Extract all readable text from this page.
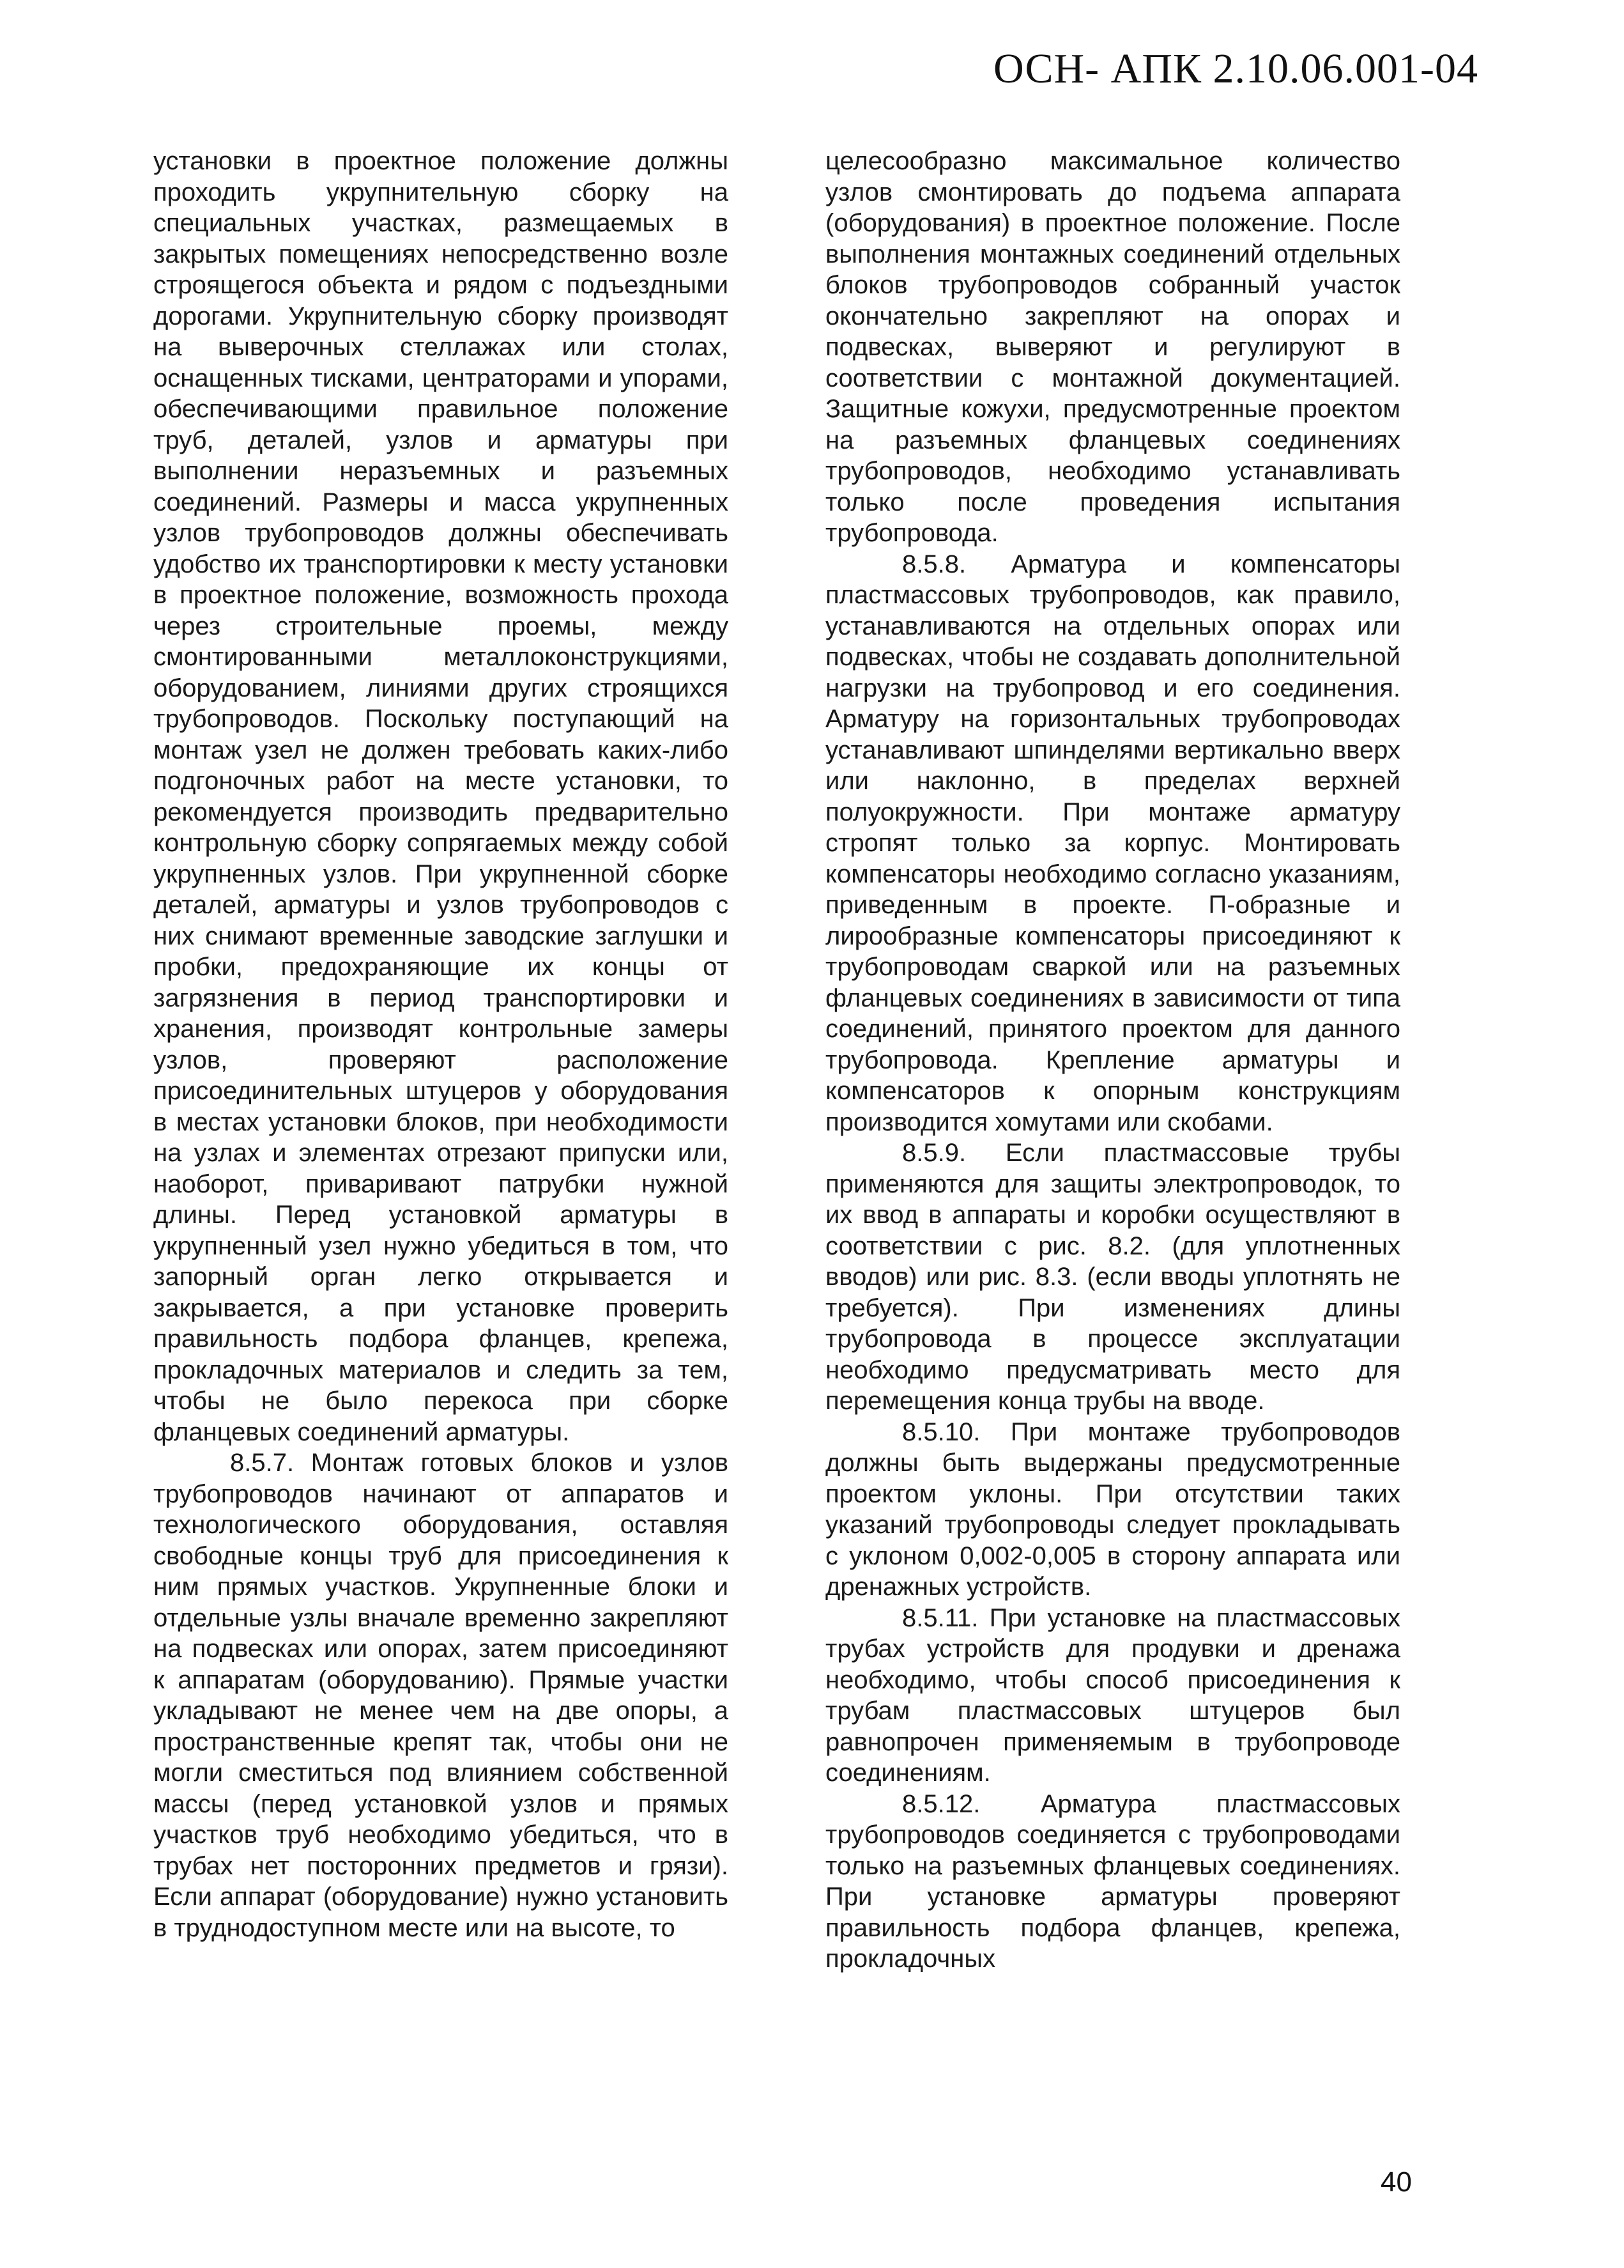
ОСН- АПК 2.10.06.001-04

установки в проектное положение должны проходить укрупнительную сборку на специальных участках, размещаемых в закрытых помещениях непосредственно возле строящегося объекта и рядом с подъездными дорогами. Укрупнительную сборку производят на выверочных стеллажах или столах, оснащенных тисками, центраторами и упорами, обеспечивающими правильное положение труб, деталей, узлов и арматуры при выполнении неразъемных и разъемных соединений. Размеры и масса укрупненных узлов трубопроводов должны обеспечивать удобство их транспортировки к месту установки в проектное положение, возможность прохода через строительные проемы, между смонтированными металлоконструкциями, оборудованием, линиями других строящихся трубопроводов. Поскольку поступающий на монтаж узел не должен требовать каких-либо подгоночных работ на месте установки, то рекомендуется производить предварительно контрольную сборку сопрягаемых между собой укрупненных узлов. При укрупненной сборке деталей, арматуры и узлов трубопроводов с них снимают временные заводские заглушки и пробки, предохраняющие их концы от загрязнения в период транспортировки и хранения, производят контрольные замеры узлов, проверяют расположение присоединительных штуцеров у оборудования в местах установки блоков, при необходимости на узлах и элементах отрезают припуски или, наоборот, приваривают патрубки нужной длины. Перед установкой арматуры в укрупненный узел нужно убедиться в том, что запорный орган легко открывается и закрывается, а при установке проверить правильность подбора фланцев, крепежа, прокладочных материалов и следить за тем, чтобы не было перекоса при сборке фланцевых соединений арматуры.

8.5.7. Монтаж готовых блоков и узлов трубопроводов начинают от аппаратов и технологического оборудования, оставляя свободные концы труб для присоединения к ним прямых участков. Укрупненные блоки и отдельные узлы вначале временно закрепляют на подвесках или опорах, затем присоединяют к аппаратам (оборудованию). Прямые участки укладывают не менее чем на две опоры, а пространственные крепят так, чтобы они не могли сместиться под влиянием собственной массы (перед установкой узлов и прямых участков труб необходимо убедиться, что в трубах нет посторонних предметов и грязи). Если аппарат (оборудование) нужно установить в труднодоступном месте или на высоте, то

целесообразно максимальное количество узлов смонтировать до подъема аппарата (оборудования) в проектное положение. После выполнения монтажных соединений отдельных блоков трубопроводов собранный участок окончательно закрепляют на опорах и подвесках, выверяют и регулируют в соответствии с монтажной документацией. Защитные кожухи, предусмотренные проектом на разъемных фланцевых соединениях трубопроводов, необходимо устанавливать только после проведения испытания трубопровода.

8.5.8. Арматура и компенсаторы пластмассовых трубопроводов, как правило, устанавливаются на отдельных опорах или подвесках, чтобы не создавать дополнительной нагрузки на трубопровод и его соединения. Арматуру на горизонтальных трубопроводах устанавливают шпинделями вертикально вверх или наклонно, в пределах верхней полуокружности. При монтаже арматуру стропят только за корпус. Монтировать компенсаторы необходимо согласно указаниям, приведенным в проекте. П-образные и лирообразные компенсаторы присоединяют к трубопроводам сваркой или на разъемных фланцевых соединениях в зависимости от типа соединений, принятого проектом для данного трубопровода. Крепление арматуры и компенсаторов к опорным конструкциям производится хомутами или скобами.

8.5.9. Если пластмассовые трубы применяются для защиты электропроводок, то их ввод в аппараты и коробки осуществляют в соответствии с рис. 8.2. (для уплотненных вводов) или рис. 8.3. (если вводы уплотнять не требуется). При изменениях длины трубопровода в процессе эксплуатации необходимо предусматривать место для перемещения конца трубы на вводе.

8.5.10. При монтаже трубопроводов должны быть выдержаны предусмотренные проектом уклоны. При отсутствии таких указаний трубопроводы следует прокладывать с уклоном 0,002-0,005 в сторону аппарата или дренажных устройств.

8.5.11. При установке на пластмассовых трубах устройств для продувки и дренажа необходимо, чтобы способ присоединения к трубам пластмассовых штуцеров был равнопрочен применяемым в трубопроводе соединениям.

8.5.12. Арматура пластмассовых трубопроводов соединяется с трубопроводами только на разъемных фланцевых соединениях. При установке арматуры проверяют правильность подбора фланцев, крепежа, прокладочных

40
